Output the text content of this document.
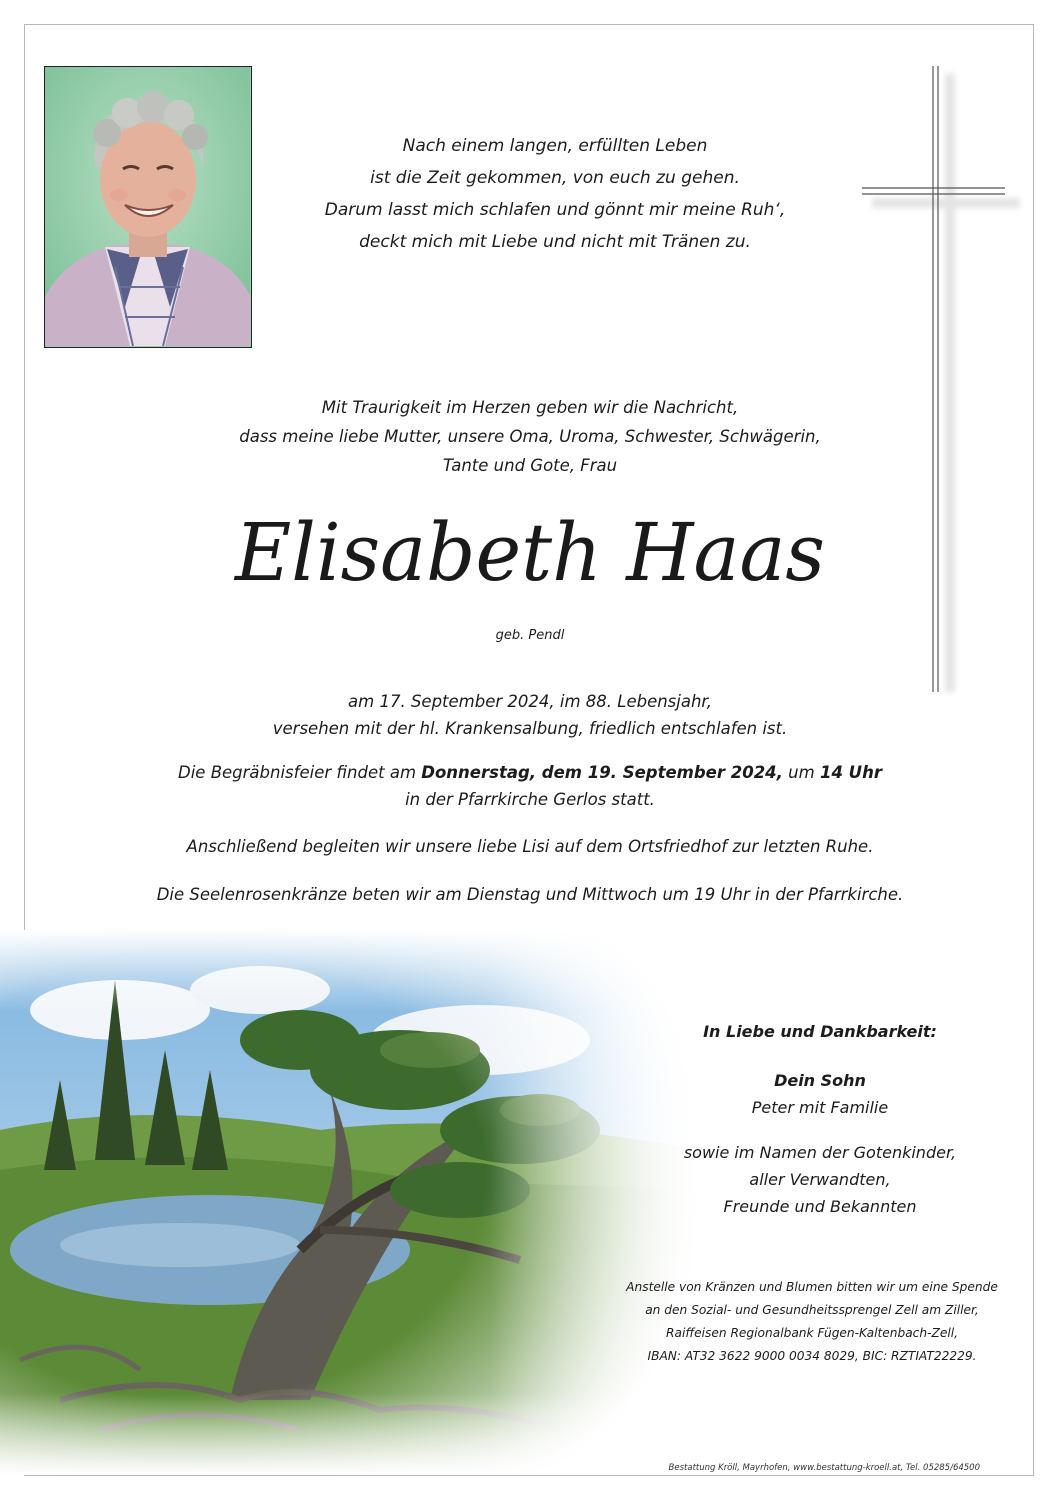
Nach einem langen, erfüllten Leben
ist die Zeit gekommen, von euch zu gehen.
Darum lasst mich schlafen und gönnt mir meine Ruh‘,
deckt mich mit Liebe und nicht mit Tränen zu.
Mit Traurigkeit im Herzen geben wir die Nachricht,
dass meine liebe Mutter, unsere Oma, Uroma, Schwester, Schwägerin,
Tante und Gote, Frau
Elisabeth Haas
geb. Pendl
am 17. September 2024, im 88. Lebensjahr,
versehen mit der hl. Krankensalbung, friedlich entschlafen ist.
Die Begräbnisfeier findet am Donnerstag, dem 19. September 2024, um 14 Uhr
in der Pfarrkirche Gerlos statt.
Anschließend begleiten wir unsere liebe Lisi auf dem Ortsfriedhof zur letzten Ruhe.
Die Seelenrosenkränze beten wir am Dienstag und Mittwoch um 19 Uhr in der Pfarrkirche.
In Liebe und Dankbarkeit:
Dein Sohn
Peter mit Familie
sowie im Namen der Gotenkinder,
aller Verwandten,
Freunde und Bekannten
Anstelle von Kränzen und Blumen bitten wir um eine Spende
an den Sozial- und Gesundheitssprengel Zell am Ziller,
Raiffeisen Regionalbank Fügen-Kaltenbach-Zell,
IBAN: AT32 3622 9000 0034 8029, BIC: RZTIAT22229.
Bestattung Kröll, Mayrhofen, www.bestattung-kroell.at, Tel. 05285/64500
